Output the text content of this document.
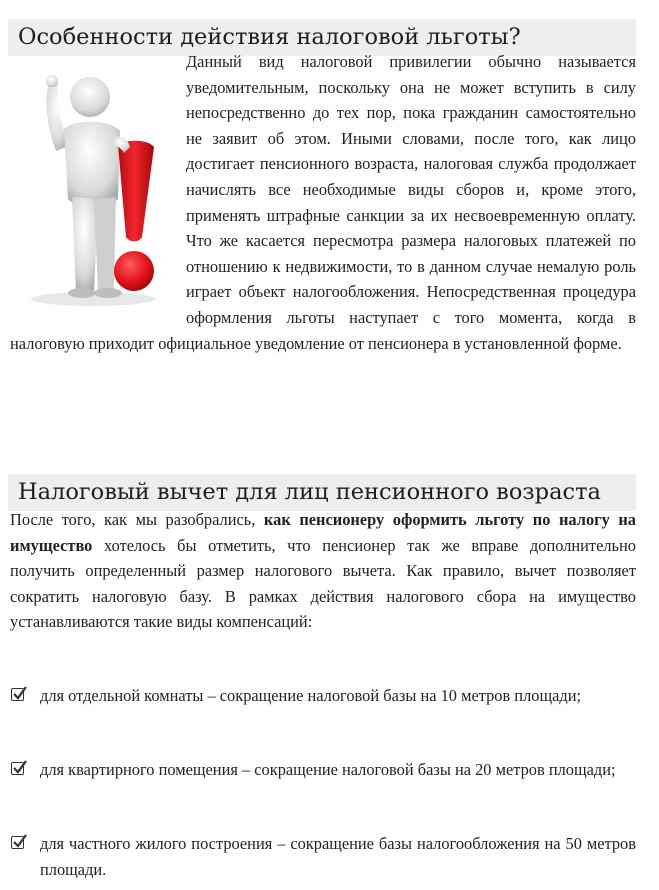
Особенности действия налоговой льготы?

Данный вид налоговой привилегии обычно называется уведомительным, поскольку она не может вступить в силу непосредственно до тех пор, пока гражданин самостоятельно не заявит об этом. Иными словами, после того, как лицо достигает пенсионного возраста, налоговая служба продолжает начислять все необходимые виды сборов и, кроме этого, применять штрафные санкции за их несвоевременную оплату. Что же касается пересмотра размера налоговых платежей по отношению к недвижимости, то в данном случае немалую роль играет объект налогообложения. Непосредственная процедура оформления льготы наступает с того момента, когда в налоговую приходит официальное уведомление от пенсионера в установленной форме.

Налоговый вычет для лиц пенсионного возраста

После того, как мы разобрались, как пенсионеру оформить льготу по налогу на имущество хотелось бы отметить, что пенсионер так же вправе дополнительно получить определенный размер налогового вычета. Как правило, вычет позволяет сократить налоговую базу. В рамках действия налогового сбора на имущество устанавливаются такие виды компенсаций:

для отдельной комнаты – сокращение налоговой базы на 10 метров площади;
для квартирного помещения – сокращение налоговой базы на 20 метров площади;
для частного жилого построения – сокращение базы налогообложения на 50 метров площади.
